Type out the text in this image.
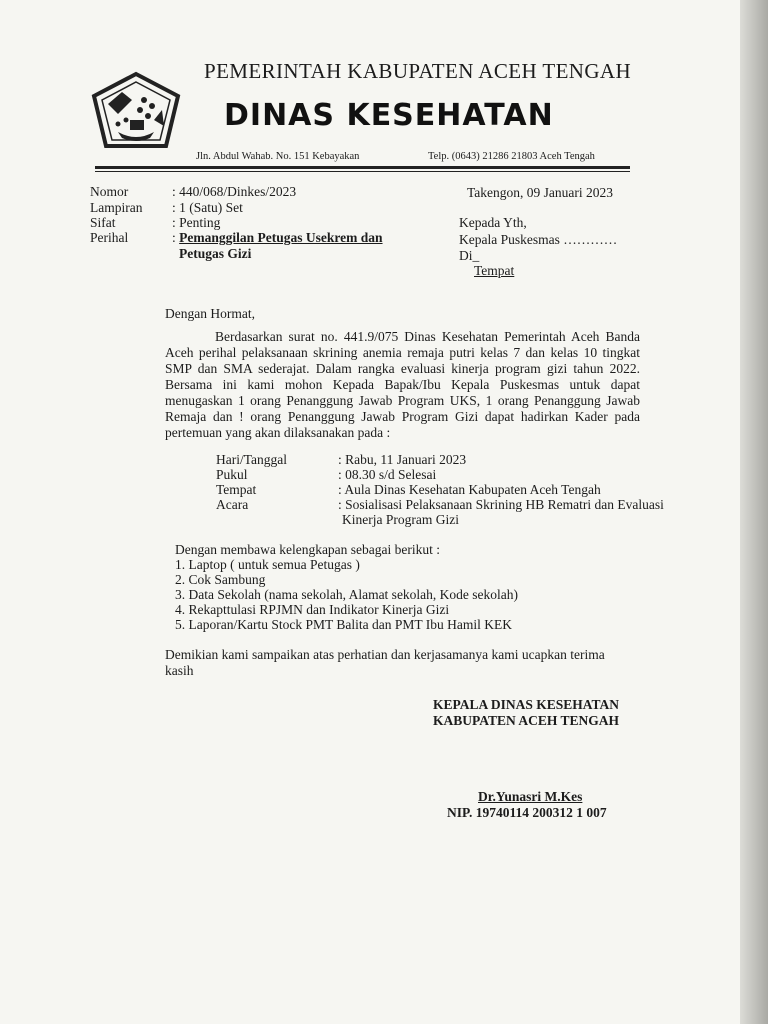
PEMERINTAH KABUPATEN ACEH TENGAH
DINAS KESEHATAN
Jln. Abdul Wahab. No. 151 Kebayakan	Telp. (0643) 21286 21803 Aceh Tengah
Nomor	: 440/068/Dinkes/2023
Lampiran : 1 (Satu) Set
Sifat	: Penting
Perihal	: Pemanggilan Petugas Usekrem dan
Petugas Gizi
Takengon, 09 Januari 2023
Kepada Yth,
Kepala Puskesmas …………
Di_
Tempat
Dengan Hormat,
Berdasarkan surat no. 441.9/075 Dinas Kesehatan Pemerintah Aceh Banda Aceh perihal pelaksanaan skrining anemia remaja putri kelas 7 dan kelas 10 tingkat SMP dan SMA sederajat. Dalam rangka evaluasi kinerja program gizi tahun 2022. Bersama ini kami mohon Kepada Bapak/Ibu Kepala Puskesmas untuk dapat menugaskan 1 orang Penanggung Jawab Program UKS, 1 orang Penanggung Jawab Remaja dan ! orang Penanggung Jawab Program Gizi dapat hadirkan Kader pada pertemuan yang akan dilaksanakan pada :
Hari/Tanggal	: Rabu, 11 Januari 2023
Pukul	: 08.30 s/d Selesai
Tempat	: Aula Dinas Kesehatan Kabupaten Aceh Tengah
Acara	: Sosialisasi Pelaksanaan Skrining HB Rematri dan Evaluasi
Kinerja Program Gizi
Dengan membawa kelengkapan sebagai berikut :
1. Laptop ( untuk semua Petugas )
2. Cok Sambung
3. Data Sekolah (nama sekolah, Alamat sekolah, Kode sekolah)
4. Rekapttulasi RPJMN dan Indikator Kinerja Gizi
5. Laporan/Kartu Stock PMT Balita dan PMT Ibu Hamil KEK
Demikian kami sampaikan atas perhatian dan kerjasamanya kami ucapkan terima
kasih
KEPALA DINAS KESEHATAN
KABUPATEN ACEH TENGAH
Dr.Yunasri M.Kes
NIP. 19740114 200312 1 007
